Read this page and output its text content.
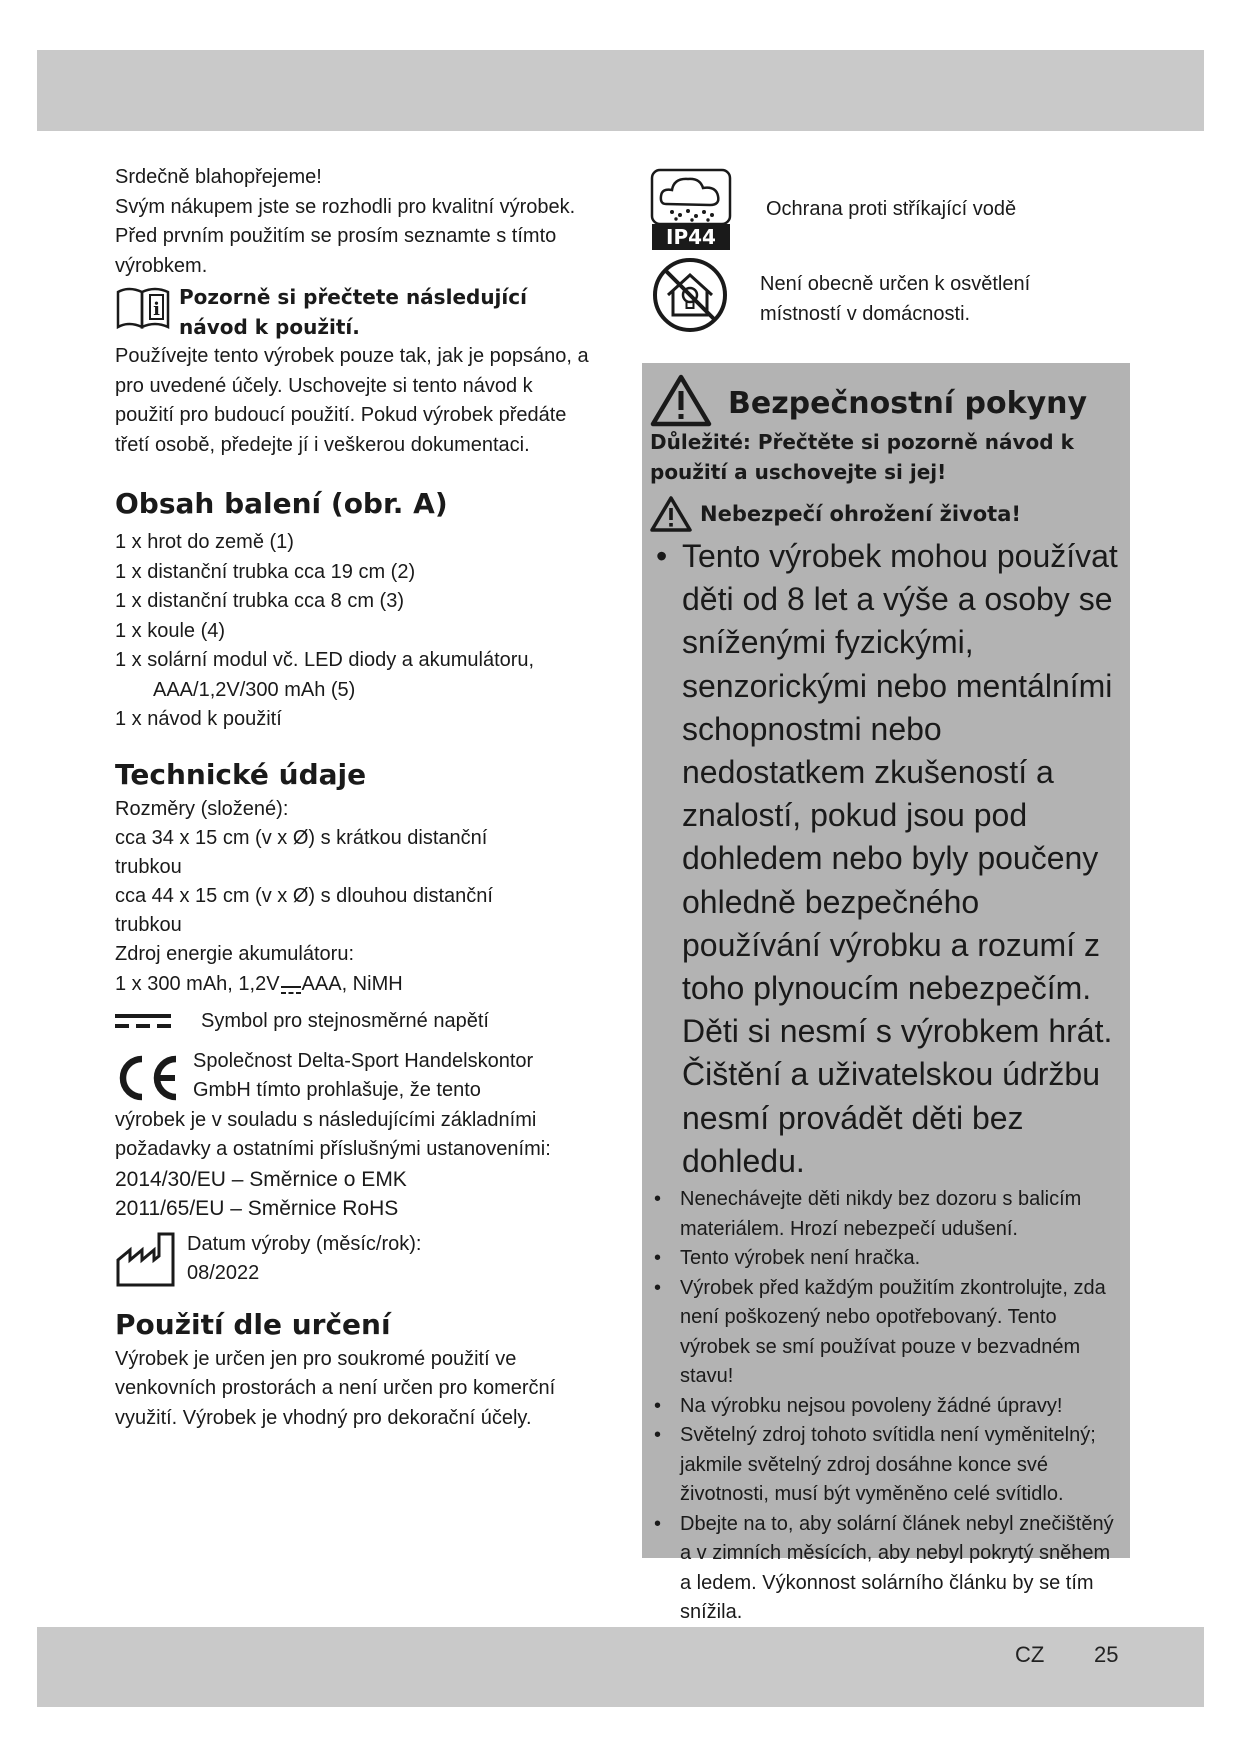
Srdečně blahopřejeme!

Svým nákupem jste se rozhodli pro kvalitní výrobek. Před prvním použitím se prosím seznamte s tímto výrobkem.

i
Pozorně si přečtete následující návod k použití.

Používejte tento výrobek pouze tak, jak je popsáno, a pro uvedené účely. Uschovejte si tento návod k použití pro budoucí použití. Pokud výrobek předáte třetí osobě, předejte jí i veškerou dokumentaci.

Obsah balení (obr. A)
1 x hrot do země (1)
1 x distanční trubka cca 19 cm (2)
1 x distanční trubka cca 8 cm (3)
1 x koule (4)
1 x solární modul vč. LED diody a akumulátoru,
AAA/1,2V/300 mAh (5)
1 x návod k použití
Technické údaje
Rozměry (složené):
cca 34 x 15 cm (v x Ø) s krátkou distanční trubkou
cca 44 x 15 cm (v x Ø) s dlouhou distanční trubkou
Zdroj energie akumulátoru:
1 x 300 mAh, 1,2V AAA, NiMH
Symbol pro stejnosměrné napětí
Společnost Delta-Sport Handelskontor
GmbH tímto prohlašuje, že tento
výrobek je v souladu s následujícími základními požadavky a ostatními příslušnými ustanoveními:
2014/30/EU – Směrnice o EMK
2011/65/EU – Směrnice RoHS
Datum výroby (měsíc/rok):
08/2022
Použití dle určení

Výrobek je určen jen pro soukromé použití ve venkovních prostorách a není určen pro komerční využití. Výrobek je vhodný pro dekorační účely.

IP44
Ochrana proti stříkající vodě
Není obecně určen k osvětlení místností v domácnosti.
Bezpečnostní pokyny
Důležité: Přečtěte si pozorně návod k použití a uschovejte si jej!
Nebezpečí ohrožení života!
• Tento výrobek mohou používat děti od 8 let a výše a osoby se sníženými fyzickými, senzorickými nebo mentálními schopnostmi nebo nedostatkem zkušeností a znalostí, pokud jsou pod dohledem nebo byly poučeny ohledně bezpečného používání výrobku a rozumí z toho plynoucím nebezpečím. Děti si nesmí s výrobkem hrát. Čištění a uživatelskou údržbu nesmí provádět děti bez dohledu.
• Nenechávejte děti nikdy bez dozoru s balicím materiálem. Hrozí nebezpečí udušení.
• Tento výrobek není hračka.
• Výrobek před každým použitím zkontrolujte, zda není poškozený nebo opotřebovaný. Tento výrobek se smí používat pouze v bezvadném stavu!
• Na výrobku nejsou povoleny žádné úpravy!
• Světelný zdroj tohoto svítidla není vyměnitelný; jakmile světelný zdroj dosáhne konce své životnosti, musí být vyměněno celé svítidlo.
• Dbejte na to, aby solární článek nebyl znečištěný a v zimních měsících, aby nebyl pokrytý sněhem a ledem. Výkonnost solárního článku by se tím snížila.
CZ 25
